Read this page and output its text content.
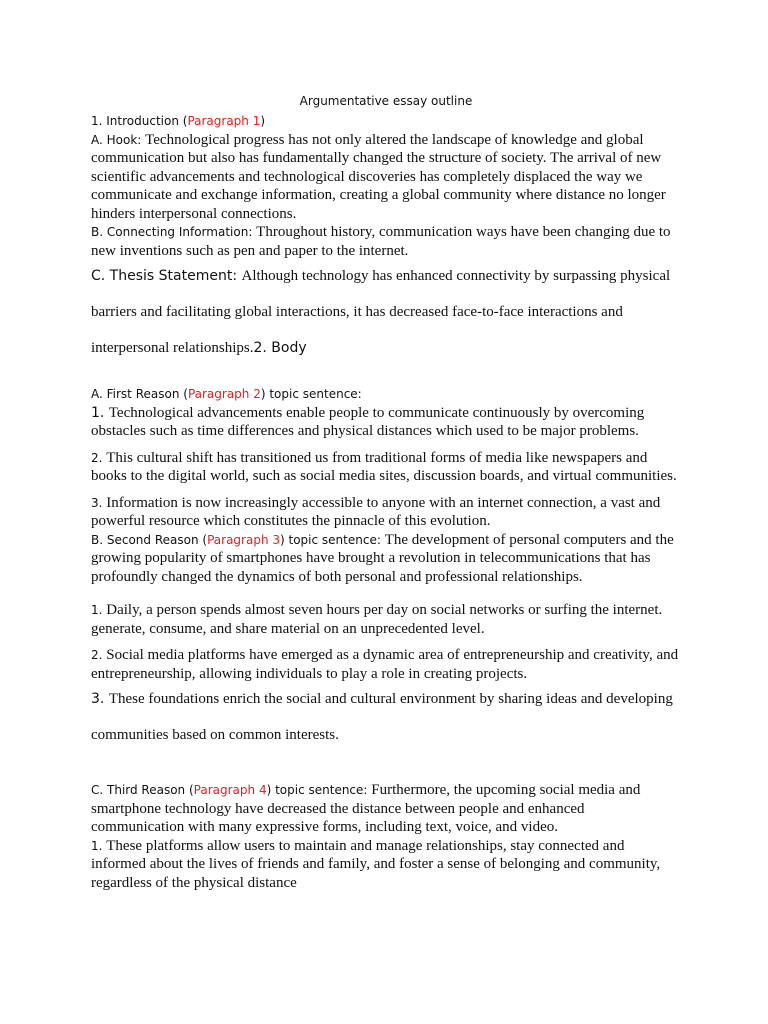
Argumentative essay outline

1. Introduction (Paragraph 1)

A. Hook: Technological progress has not only altered the landscape of knowledge and global communication but also has fundamentally changed the structure of society. The arrival of new scientific advancements and technological discoveries has completely displaced the way we communicate and exchange information, creating a global community where distance no longer hinders interpersonal connections.

B. Connecting Information: Throughout history, communication ways have been changing due to new inventions such as pen and paper to the internet.

C. Thesis Statement: Although technology has enhanced connectivity by surpassing physical
barriers and facilitating global interactions, it has decreased face-to-face interactions and
interpersonal relationships.2. Body

A. First Reason (Paragraph 2) topic sentence:

1. Technological advancements enable people to communicate continuously by overcoming obstacles such as time differences and physical distances which used to be major problems.

2. This cultural shift has transitioned us from traditional forms of media like newspapers and books to the digital world, such as social media sites, discussion boards, and virtual communities.

3. Information is now increasingly accessible to anyone with an internet connection, a vast and powerful resource which constitutes the pinnacle of this evolution.

B. Second Reason (Paragraph 3) topic sentence: The development of personal computers and the growing popularity of smartphones have brought a revolution in telecommunications that has profoundly changed the dynamics of both personal and professional relationships.

1. Daily, a person spends almost seven hours per day on social networks or surfing the internet. generate, consume, and share material on an unprecedented level.

2. Social media platforms have emerged as a dynamic area of entrepreneurship and creativity, and entrepreneurship, allowing individuals to play a role in creating projects.

3. These foundations enrich the social and cultural environment by sharing ideas and developing
communities based on common interests.

C. Third Reason (Paragraph 4) topic sentence: Furthermore, the upcoming social media and smartphone technology have decreased the distance between people and enhanced communication with many expressive forms, including text, voice, and video.

1. These platforms allow users to maintain and manage relationships, stay connected and informed about the lives of friends and family, and foster a sense of belonging and community, regardless of the physical distance
